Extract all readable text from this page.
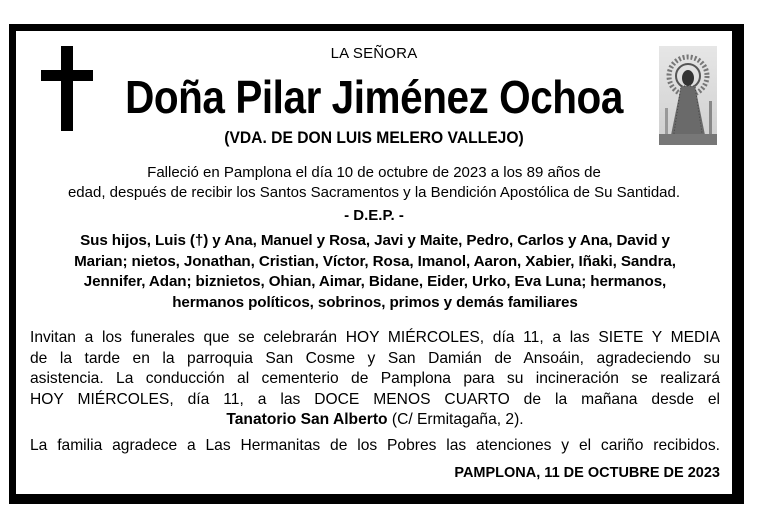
LA SEÑORA
Doña Pilar Jiménez Ochoa
(VDA. DE DON LUIS MELERO VALLEJO)
Falleció en Pamplona el día 10 de octubre de 2023 a los 89 años de
edad, después de recibir los Santos Sacramentos y la Bendición Apostólica de Su Santidad.
- D.E.P. -
Sus hijos, Luis (†) y Ana, Manuel y Rosa, Javi y Maite, Pedro, Carlos y Ana, David y
Marian; nietos, Jonathan, Cristian, Víctor, Rosa, Imanol, Aaron, Xabier, Iñaki, Sandra,
Jennifer, Adan; biznietos, Ohian, Aimar, Bidane, Eider, Urko, Eva Luna; hermanos,
hermanos políticos, sobrinos, primos y demás familiares
Invitan a los funerales que se celebrarán HOY MIÉRCOLES, día 11, a las SIETE Y MEDIA
de la tarde en la parroquia San Cosme y San Damián de Ansoáin, agradeciendo su
asistencia. La conducción al cementerio de Pamplona para su incineración se realizará
HOY MIÉRCOLES, día 11, a las DOCE MENOS CUARTO de la mañana desde el
Tanatorio San Alberto (C/ Ermitagaña, 2).
La familia agradece a Las Hermanitas de los Pobres las atenciones y el cariño recibidos.
PAMPLONA, 11 DE OCTUBRE DE 2023
